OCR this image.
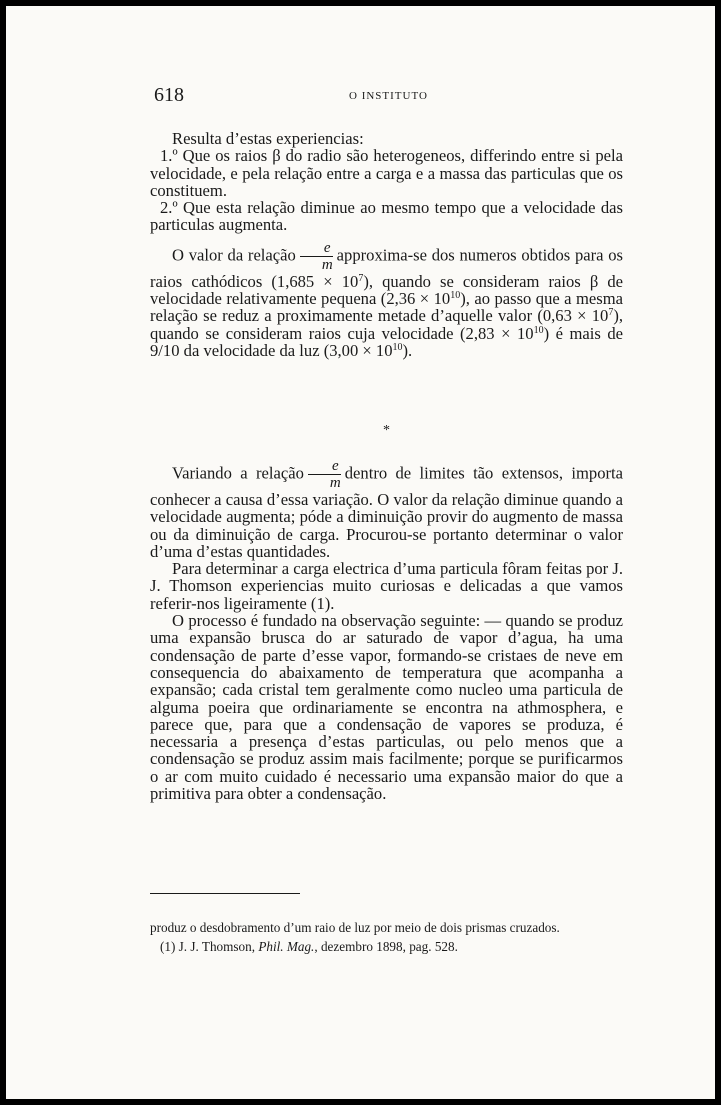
618	O INSTITUTO

Resulta d’estas experiencias:

1.º Que os raios β do radio são heterogeneos, differindo entre si pela velocidade, e pela relação entre a carga e a massa das particulas que os constituem.

2.º Que esta relação diminue ao mesmo tempo que a velocidade das particulas augmenta.

O valor da relação $\frac{e}{m}$ approxima-se dos numeros obtidos para os raios cathódicos $(1,685 \times 10^7)$, quando se consideram raios β de velocidade relativamente pequena $(2,36 \times 10^{10})$, ao passo que a mesma relação se reduz a proximamente metade d’aquelle valor $(0,63 \times 10^7)$, quando se consideram raios cuja velocidade $(2,83 \times 10^{10})$ é mais de 9/10 da velocidade da luz $(3,00 \times 10^{10})$.

*

Variando a relação $\frac{e}{m}$ dentro de limites tão extensos, importa conhecer a causa d’essa variação. O valor da relação diminue quando a velocidade augmenta; póde a diminuição provir do augmento de massa ou da diminuição de carga. Procurou-se portanto determinar o valor d’uma d’estas quantidades.

Para determinar a carga electrica d’uma particula fôram feitas por J. J. Thomson experiencias muito curiosas e delicadas a que vamos referir-nos ligeiramente (1).

O processo é fundado na observação seguinte: — quando se produz uma expansão brusca do ar saturado de vapor d’agua, ha uma condensação de parte d’esse vapor, formando-se cristaes de neve em consequencia do abaixamento de temperatura que acompanha a expansão; cada cristal tem geralmente como nucleo uma particula de alguma poeira que ordinariamente se encontra na athmosphera, e parece que, para que a condensação de vapores se produza, é necessaria a presença d’estas particulas, ou pelo menos que a condensação se produz assim mais facilmente; porque se purificarmos o ar com muito cuidado é necessario uma expansão maior do que a primitiva para obter a condensação.

produz o desdobramento d’um raio de luz por meio de dois prismas cruzados.

(1) J. J. Thomson, Phil. Mag., dezembro 1898, pag. 528.
